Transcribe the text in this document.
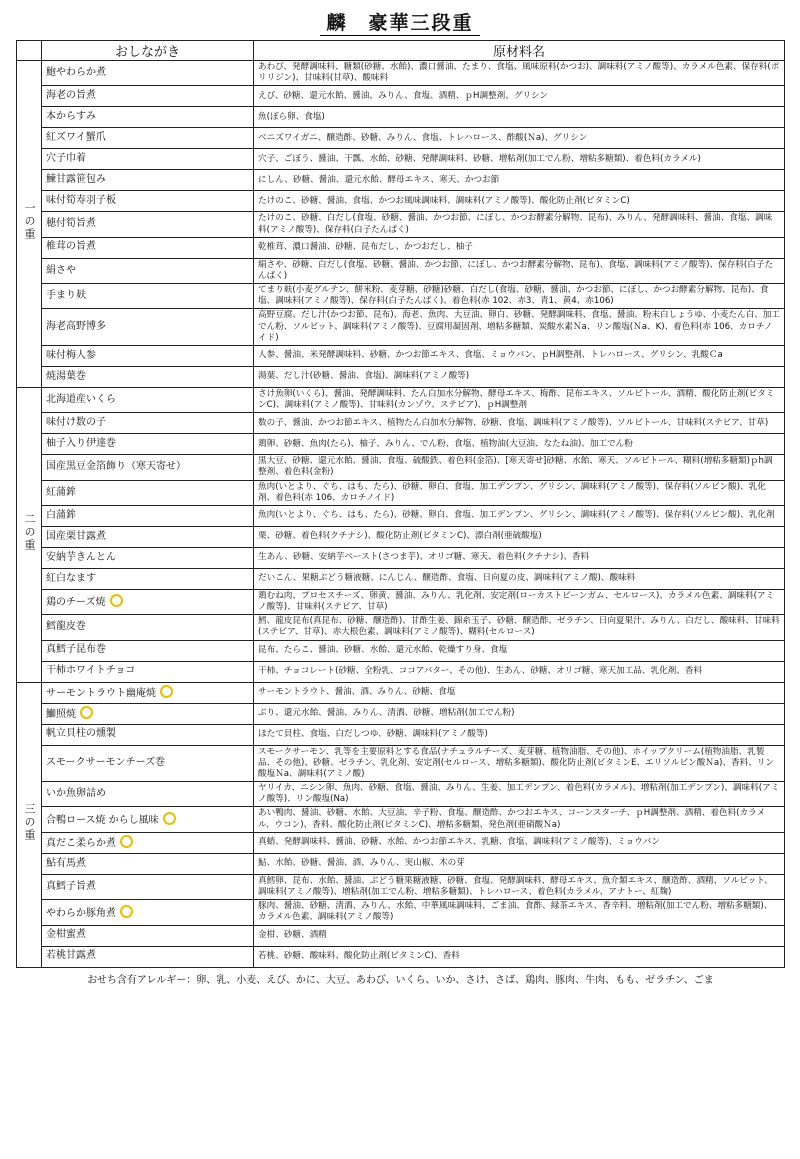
麟　豪華三段重
	おしながき	原材料名
一の重	鮑やわらか煮	あわび、発酵調味料、糖類(砂糖、水飴)、濃口醤油、たまり、食塩、風味原料(かつお)、調味料(アミノ酸等)、カラメル色素、保存料(ポリリジン)、甘味料(甘草)、酸味料
	海老の旨煮	えび、砂糖、還元水飴、醤油、みりん、食塩、酒精、ｐH調整剤、グリシン
	本からすみ	魚(ぼら卵、食塩)
	紅ズワイ蟹爪	ベニズワイガニ、醸造酢、砂糖、みりん、食塩、トレハロース、酢酸(Ｎa)、グリシン
	穴子巾着	穴子、ごぼう、醤油、干瓢、水飴、砂糖、発酵調味料、砂糖、増粘剤(加工でん粉、増粘多糖類)、着色料(カラメル)
	鰊甘露笹包み	にしん、砂糖、醤油、還元水飴、酵母エキス、寒天、かつお節
	味付筍寿羽子板	たけのこ、砂糖、醤油、食塩、かつお風味調味料、調味料(アミノ酸等)、酸化防止剤(ビタミンC)
	穂付筍旨煮	たけのこ、砂糖、白だし(食塩、砂糖、醤油、かつお節、にぼし、かつお酵素分解物、昆布)、みりん、発酵調味料、醤油、食塩、調味料(アミノ酸等)、保存料(白子たんぱく)
	椎茸の旨煮	乾椎茸、濃口醤油、砂糖、昆布だし、かつおだし、柚子
	絹さや	絹さや、砂糖、白だし(食塩、砂糖、醤油、かつお節、にぼし、かつお酵素分解物、昆布)、食塩、調味料(アミノ酸等)、保存料(白子たんぱく)
	手まり麸	てまり麸(小麦グルテン、餅米粉、麦芽糖、砂糖)砂糖、白だし(食塩、砂糖、醤油、かつお節、にぼし、かつお酵素分解物、昆布)、食塩、調味料(アミノ酸等)、保存料(白子たんぱく)、着色料(赤 102、赤3、青1、黄4、赤106)
	海老高野博多	高野豆腐、だし汁(かつお節、昆布)、海老、魚肉、大豆油、卵白、砂糖、発酵調味料、食塩、醤油、粉末白しょうゆ、小麦たん白、加工でん粉、ソルビット、調味料(アミノ酸等)、豆腐用凝固剤、増粘多糖類、炭酸水素Ｎa、リン酸塩(Ｎa、K)、着色料(赤 106、カロチノイド)
	味付梅人参	人参、醤油、米発酵調味料、砂糖、かつお節エキス、食塩、ミョウバン、ｐH調整剤、トレハロース、グリシン、乳酸Ｃa
	焼湯葉巻	湯葉、だし汁(砂糖、醤油、食塩)、調味料(アミノ酸等)
二の重	北海道産いくら	さけ魚卵(いくら)、醤油、発酵調味料、たん白加水分解物、酵母エキス、梅酢、昆布エキス、ソルビトール、酒精、酸化防止剤(ビタミンC)、調味料(アミノ酸等)、甘味料(カンゾウ、ステビア)、ｐH調整剤
	味付け数の子	数の子、醤油、かつお節エキス、植物たん白加水分解物、砂糖、食塩、調味料(アミノ酸等)、ソルビトール、甘味料(ステビア、甘草)
	柚子入り伊達巻	鶏卵、砂糖、魚肉(たら)、柚子、みりん、でん粉、食塩、植物油(大豆油、なたね油)、加工でん粉
	国産黒豆金箔飾り（寒天寄せ）	黒大豆、砂糖、還元水飴、醤油、食塩、硫酸鉄、着色料(金箔)、[寒天寄せ]砂糖、水飴、寒天、ソルビトール、糊料(増粘多糖類)ｐh調整剤、着色料(金粉)
	紅蒲鉾	魚肉(いとより、ぐち、はも、たら)、砂糖、卵白、食塩、加工デンプン、グリシン、調味料(アミノ酸等)、保存料(ソルビン酸)、乳化剤、着色料(赤 106、カロチノイド)
	白蒲鉾	魚肉(いとより、ぐち、はも、たら)、砂糖、卵白、食塩、加工デンプン、グリシン、調味料(アミノ酸等)、保存料(ソルビン酸)、乳化剤
	国産栗甘露煮	栗、砂糖、着色料(クチナシ)、酸化防止剤(ビタミンC)、漂白剤(亜硫酸塩)
	安納芋きんとん	生あん、砂糖、安納芋ペースト(さつま芋)、オリゴ糖、寒天、着色料(クチナシ)、香料
	紅白なます	だいこん、果糖ぶどう糖液糖、にんじん、醸造酢、食塩、日向夏の皮、調味料(アミノ酸)、酸味料
	鶏のチーズ焼	鶏むね肉、プロセスチーズ、卵黄、醤油、みりん、乳化剤、安定剤(ローカストビーンガム、セルロース)、カラメル色素、調味料(アミノ酸等)、甘味料(ステビア、甘草)
	鱈龍皮巻	鱈、龍皮昆布(真昆布、砂糖、醸造酢)、甘酢生姜、錦糸玉子、砂糖、醸造酢、ゼラチン、日向夏果汁、みりん、白だし、酸味料、甘味料(ステビア、甘草)、赤大根色素、調味料(アミノ酸等)、糊料(セルロース)
	真鱈子昆布巻	昆布、たらこ、醤油、砂糖、水飴、還元水飴、乾燥すり身、食塩
	干柿ホワイトチョコ	干柿、チョコレート(砂糖、全粉乳、ココアバター、その他)、生あん、砂糖、オリゴ糖、寒天加工品、乳化剤、香料
三の重	サーモントラウト幽庵焼	サーモントラウト、醤油、酒、みりん、砂糖、食塩
	鰤照焼	ぶり、還元水飴、醤油、みりん、清酒、砂糖、増粘剤(加工でん粉)
	帆立貝柱の燻製	ほたて貝柱、食塩、白だしつゆ、砂糖、調味料(アミノ酸等)
	スモークサーモンチーズ巻	スモークサーモン、乳等を主要原料とする食品(ナチュラルチーズ、麦芽糖、植物油脂、その他)、ホイップクリーム(植物油脂、乳製品、その他)、砂糖、ゼラチン、乳化剤、安定剤(セルロース、増粘多糖類)、酸化防止剤(ビタミンE、エリソルビン酸Ｎa)、香料、リン酸塩Ｎa、調味料(アミノ酸)
	いか魚卵詰め	ヤリイカ、ニシン卵、魚肉、砂糖、食塩、醤油、みりん、生姜、加工デンプン、着色料(カラメル)、増粘剤(加工デンプン)、調味料(アミノ酸等)、リン酸塩(Na)
	合鴨ロース焼 からし風味	あい鴨肉、醤油、砂糖、水飴、大豆油、辛子粉、食塩、醸造酢、かつおエキス、コーンスターチ、ｐH調整剤、酒精、着色料(カラメル、ウコン)、香料、酸化防止剤(ビタミンC)、増粘多糖類、発色剤(亜硝酸Ｎa)
	真だこ柔らか煮	真蛸、発酵調味料、醤油、砂糖、水飴、かつお節エキス、乳糖、食塩、調味料(アミノ酸等)、ミョウバン
	鮎有馬煮	鮎、水飴、砂糖、醤油、酒、みりん、実山椒、木の芽
	真鱈子旨煮	真鱈卵、昆布、水飴、醤油、ぶどう糖果糖液糖、砂糖、食塩、発酵調味料、酵母エキス、魚介類エキス、醸造酢、酒精、ソルビット、調味料(アミノ酸等)、増粘剤(加工でん粉、増粘多糖類)、トレハロース、着色料(カラメル、アナトー、紅麹)
	やわらか豚角煮	豚肉、醤油、砂糖、清酒、みりん、水飴、中華風味調味料、ごま油、食酢、緑茶エキス、香辛料、増粘剤(加工でん粉、増粘多糖類)、カラメル色素、調味料(アミノ酸等)
	金柑蜜煮	金柑、砂糖、酒精
	若桃甘露煮	若桃、砂糖、酸味料、酸化防止剤(ビタミンC)、香料
おせち含有アレルギー：卵、乳、小麦、えび、かに、大豆、あわび、いくら、いか、さけ、さば、鶏肉、豚肉、牛肉、もも、ゼラチン、ごま
